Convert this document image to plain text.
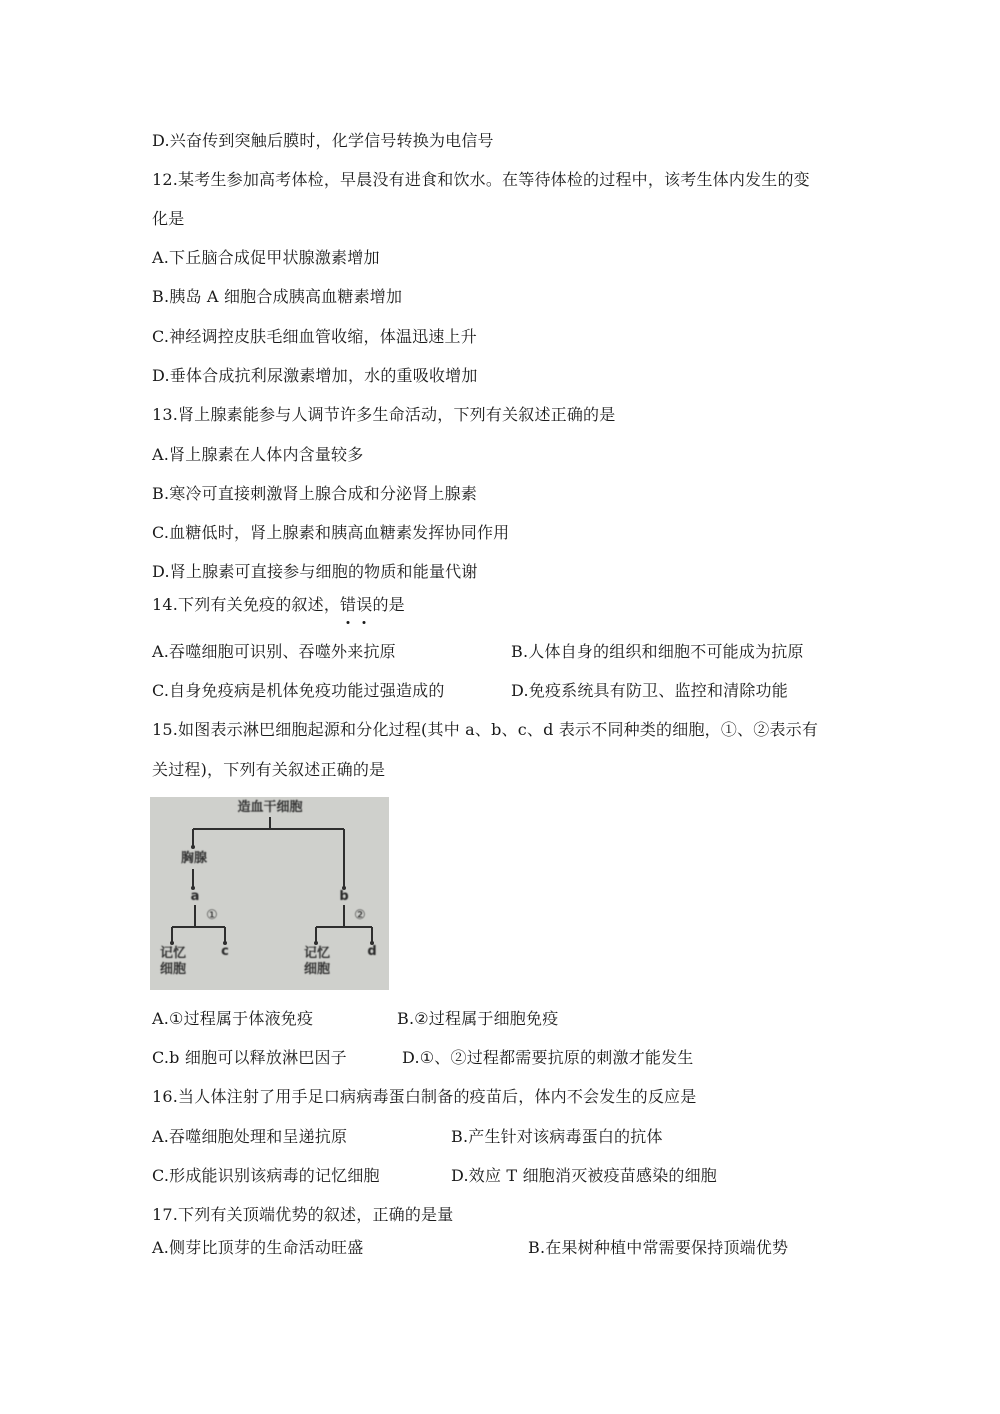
D.兴奋传到突触后膜时，化学信号转换为电信号
12.某考生参加高考体检，早晨没有进食和饮水。在等待体检的过程中，该考生体内发生的变
化是
A.下丘脑合成促甲状腺激素增加
B.胰岛 A 细胞合成胰高血糖素增加
C.神经调控皮肤毛细血管收缩，体温迅速上升
D.垂体合成抗利尿激素增加，水的重吸收增加
13.肾上腺素能参与人调节许多生命活动，下列有关叙述正确的是
A.肾上腺素在人体内含量较多
B.寒冷可直接刺激肾上腺合成和分泌肾上腺素
C.血糖低时，肾上腺素和胰高血糖素发挥协同作用
D.肾上腺素可直接参与细胞的物质和能量代谢
14.下列有关免疫的叙述，错误的是
A.吞噬细胞可识别、吞噬外来抗原	B.人体自身的组织和细胞不可能成为抗原
C.自身免疫病是机体免疫功能过强造成的	D.免疫系统具有防卫、监控和清除功能
15.如图表示淋巴细胞起源和分化过程(其中 a、b、c、d 表示不同种类的细胞，①、②表示有
关过程)，下列有关叙述正确的是
造血干细胞
胸腺
a	b
①	②
记忆
细胞
c	记忆
细胞
d
A.①过程属于体液免疫	B.②过程属于细胞免疫
C.b 细胞可以释放淋巴因子	D.①、②过程都需要抗原的刺激才能发生
16.当人体注射了用手足口病病毒蛋白制备的疫苗后，体内不会发生的反应是
A.吞噬细胞处理和呈递抗原	B.产生针对该病毒蛋白的抗体
C.形成能识别该病毒的记忆细胞	D.效应 T 细胞消灭被疫苗感染的细胞
17.下列有关顶端优势的叙述，正确的是量
A.侧芽比顶芽的生命活动旺盛	B.在果树种植中常需要保持顶端优势
